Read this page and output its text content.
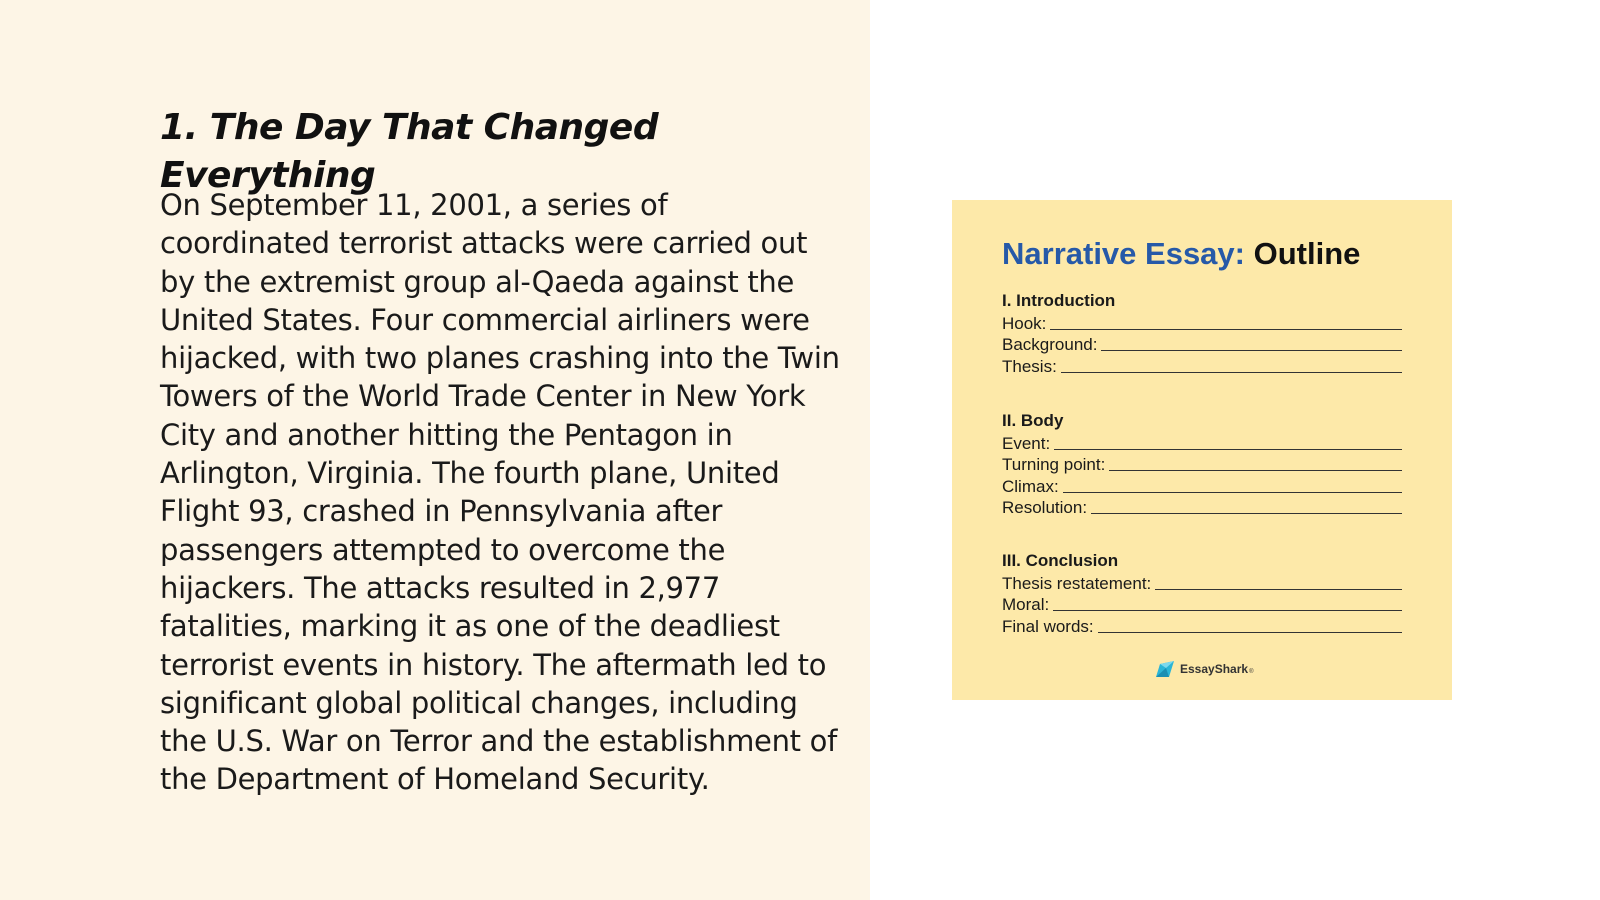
1. The Day That Changed Everything

On September 11, 2001, a series of coordinated terrorist attacks were carried out by the extremist group al-Qaeda against the United States. Four commercial airliners were hijacked, with two planes crashing into the Twin Towers of the World Trade Center in New York City and another hitting the Pentagon in Arlington, Virginia. The fourth plane, United Flight 93, crashed in Pennsylvania after passengers attempted to overcome the hijackers. The attacks resulted in 2,977 fatalities, marking it as one of the deadliest terrorist events in history. The aftermath led to significant global political changes, including the U.S. War on Terror and the establishment of the Department of Homeland Security.

Narrative Essay: Outline
I. Introduction
Hook:
Background:
Thesis:
II. Body
Event:
Turning point:
Climax:
Resolution:
III. Conclusion
Thesis restatement:
Moral:
Final words:
EssayShark ®
